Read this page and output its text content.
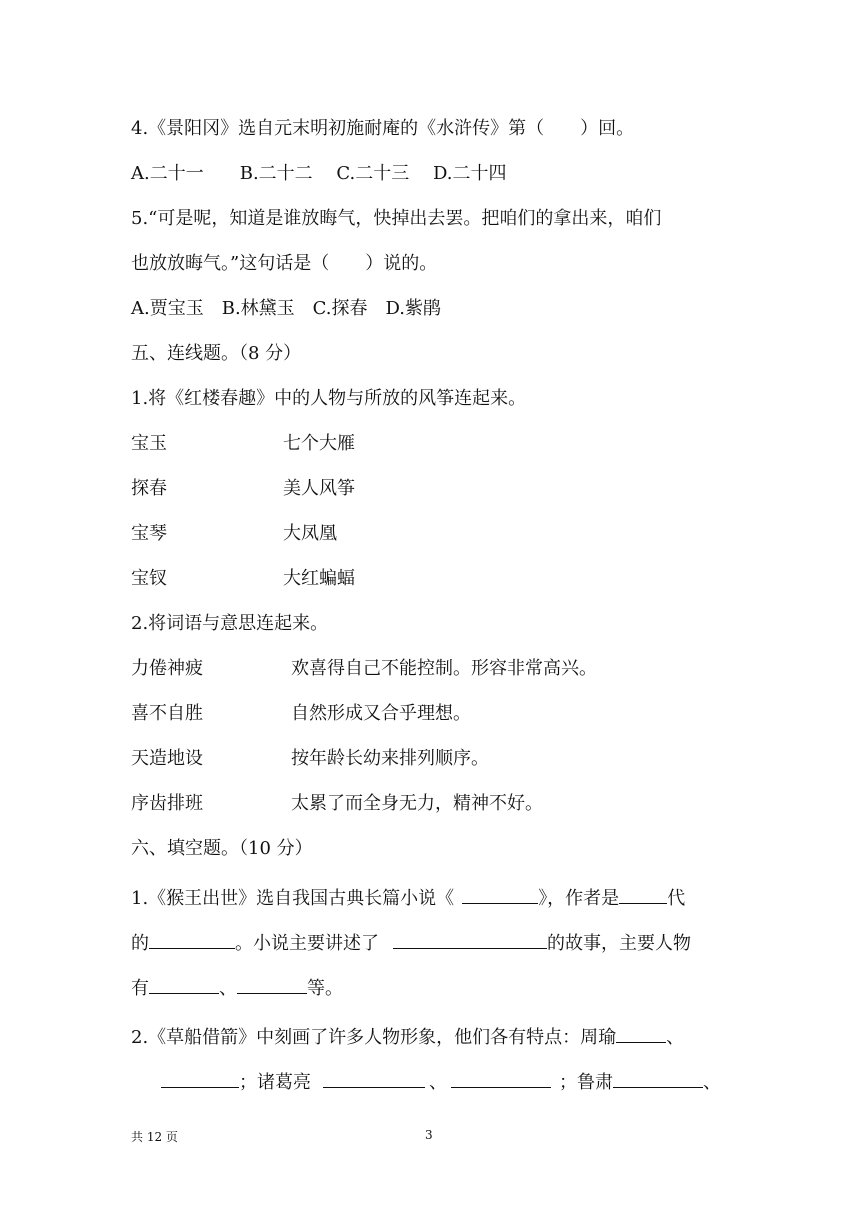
4.《景阳冈》选自元末明初施耐庵的《水浒传》第（　　）回。
A.二十一　　B.二十二　 C.二十三　 D.二十四
5.“可是呢，知道是谁放晦气，快掉出去罢。把咱们的拿出来，咱们
也放放晦气。”这句话是（　　）说的。
A.贾宝玉　B.林黛玉　C.探春　D.紫鹃
五、连线题。（8 分）
1.将《红楼春趣》中的人物与所放的风筝连起来。
宝玉	七个大雁
探春	美人风筝
宝琴	大凤凰
宝钗	大红蝙蝠
2.将词语与意思连起来。
力倦神疲	欢喜得自己不能控制。形容非常高兴。
喜不自胜	自然形成又合乎理想。
天造地设	按年龄长幼来排列顺序。
序齿排班	太累了而全身无力，精神不好。
六、填空题。（10 分）
1.《猴王出世》选自我国古典长篇小说《	》，作者是	代
的	。小说主要讲述了	的故事，主要人物
有	、	等。
2.《草船借箭》中刻画了许多人物形象，他们各有特点：周瑜	、
；诸葛亮	、	；鲁肃	、
共 12 页	3
